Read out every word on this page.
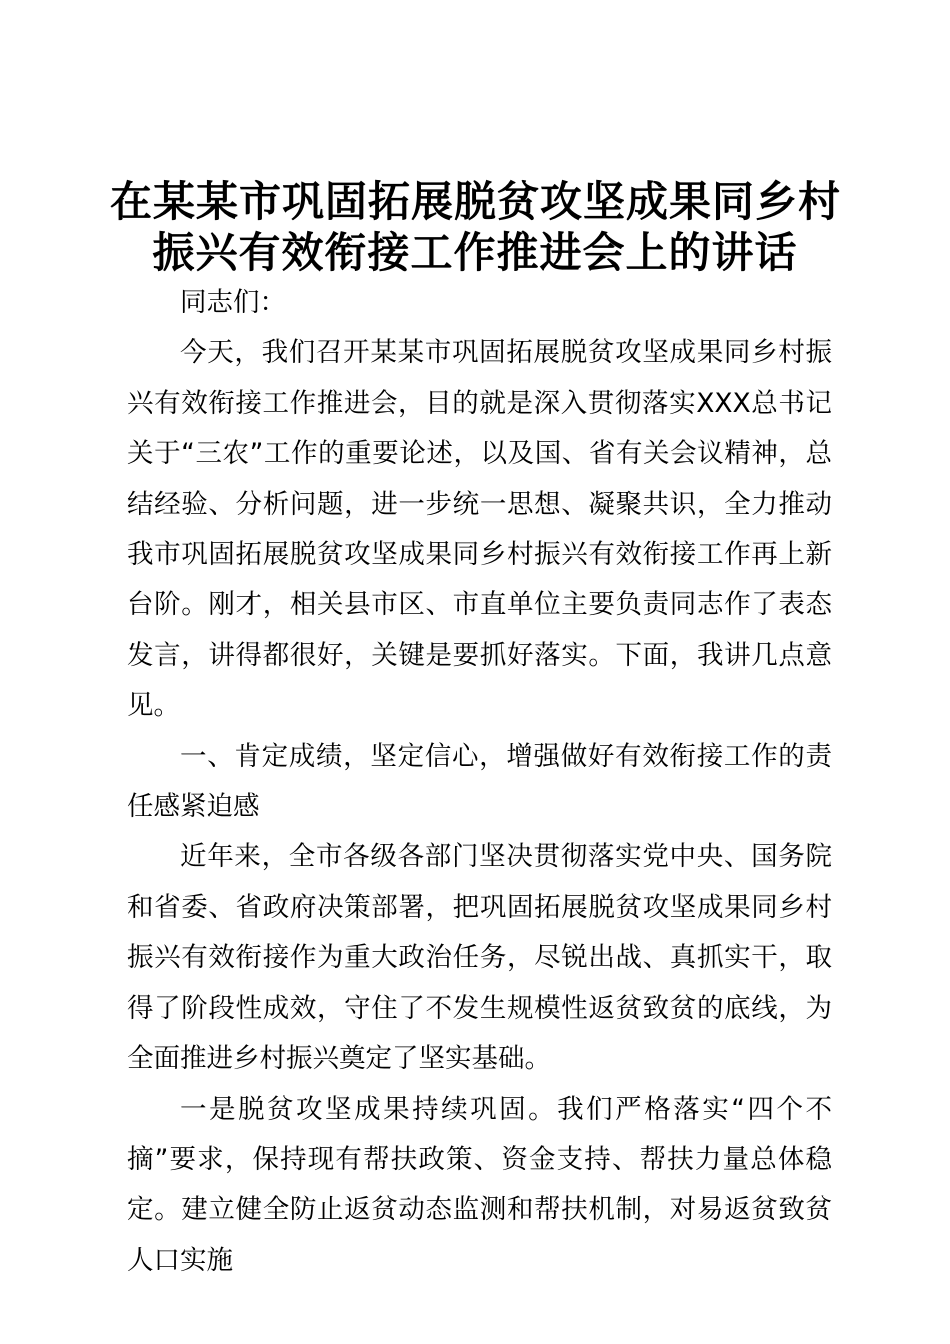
在某某市巩固拓展脱贫攻坚成果同乡村
振兴有效衔接工作推进会上的讲话

同志们：

今天，我们召开某某市巩固拓展脱贫攻坚成果同乡村振兴有效衔接工作推进会，目的就是深入贯彻落实XXX总书记关于“三农”工作的重要论述，以及国、省有关会议精神，总结经验、分析问题，进一步统一思想、凝聚共识，全力推动我市巩固拓展脱贫攻坚成果同乡村振兴有效衔接工作再上新台阶。刚才，相关县市区、市直单位主要负责同志作了表态发言，讲得都很好，关键是要抓好落实。下面，我讲几点意见。

一、肯定成绩，坚定信心，增强做好有效衔接工作的责任感紧迫感

近年来，全市各级各部门坚决贯彻落实党中央、国务院和省委、省政府决策部署，把巩固拓展脱贫攻坚成果同乡村振兴有效衔接作为重大政治任务，尽锐出战、真抓实干，取得了阶段性成效，守住了不发生规模性返贫致贫的底线，为全面推进乡村振兴奠定了坚实基础。

一是脱贫攻坚成果持续巩固。我们严格落实“四个不摘”要求，保持现有帮扶政策、资金支持、帮扶力量总体稳定。建立健全防止返贫动态监测和帮扶机制，对易返贫致贫人口实施
